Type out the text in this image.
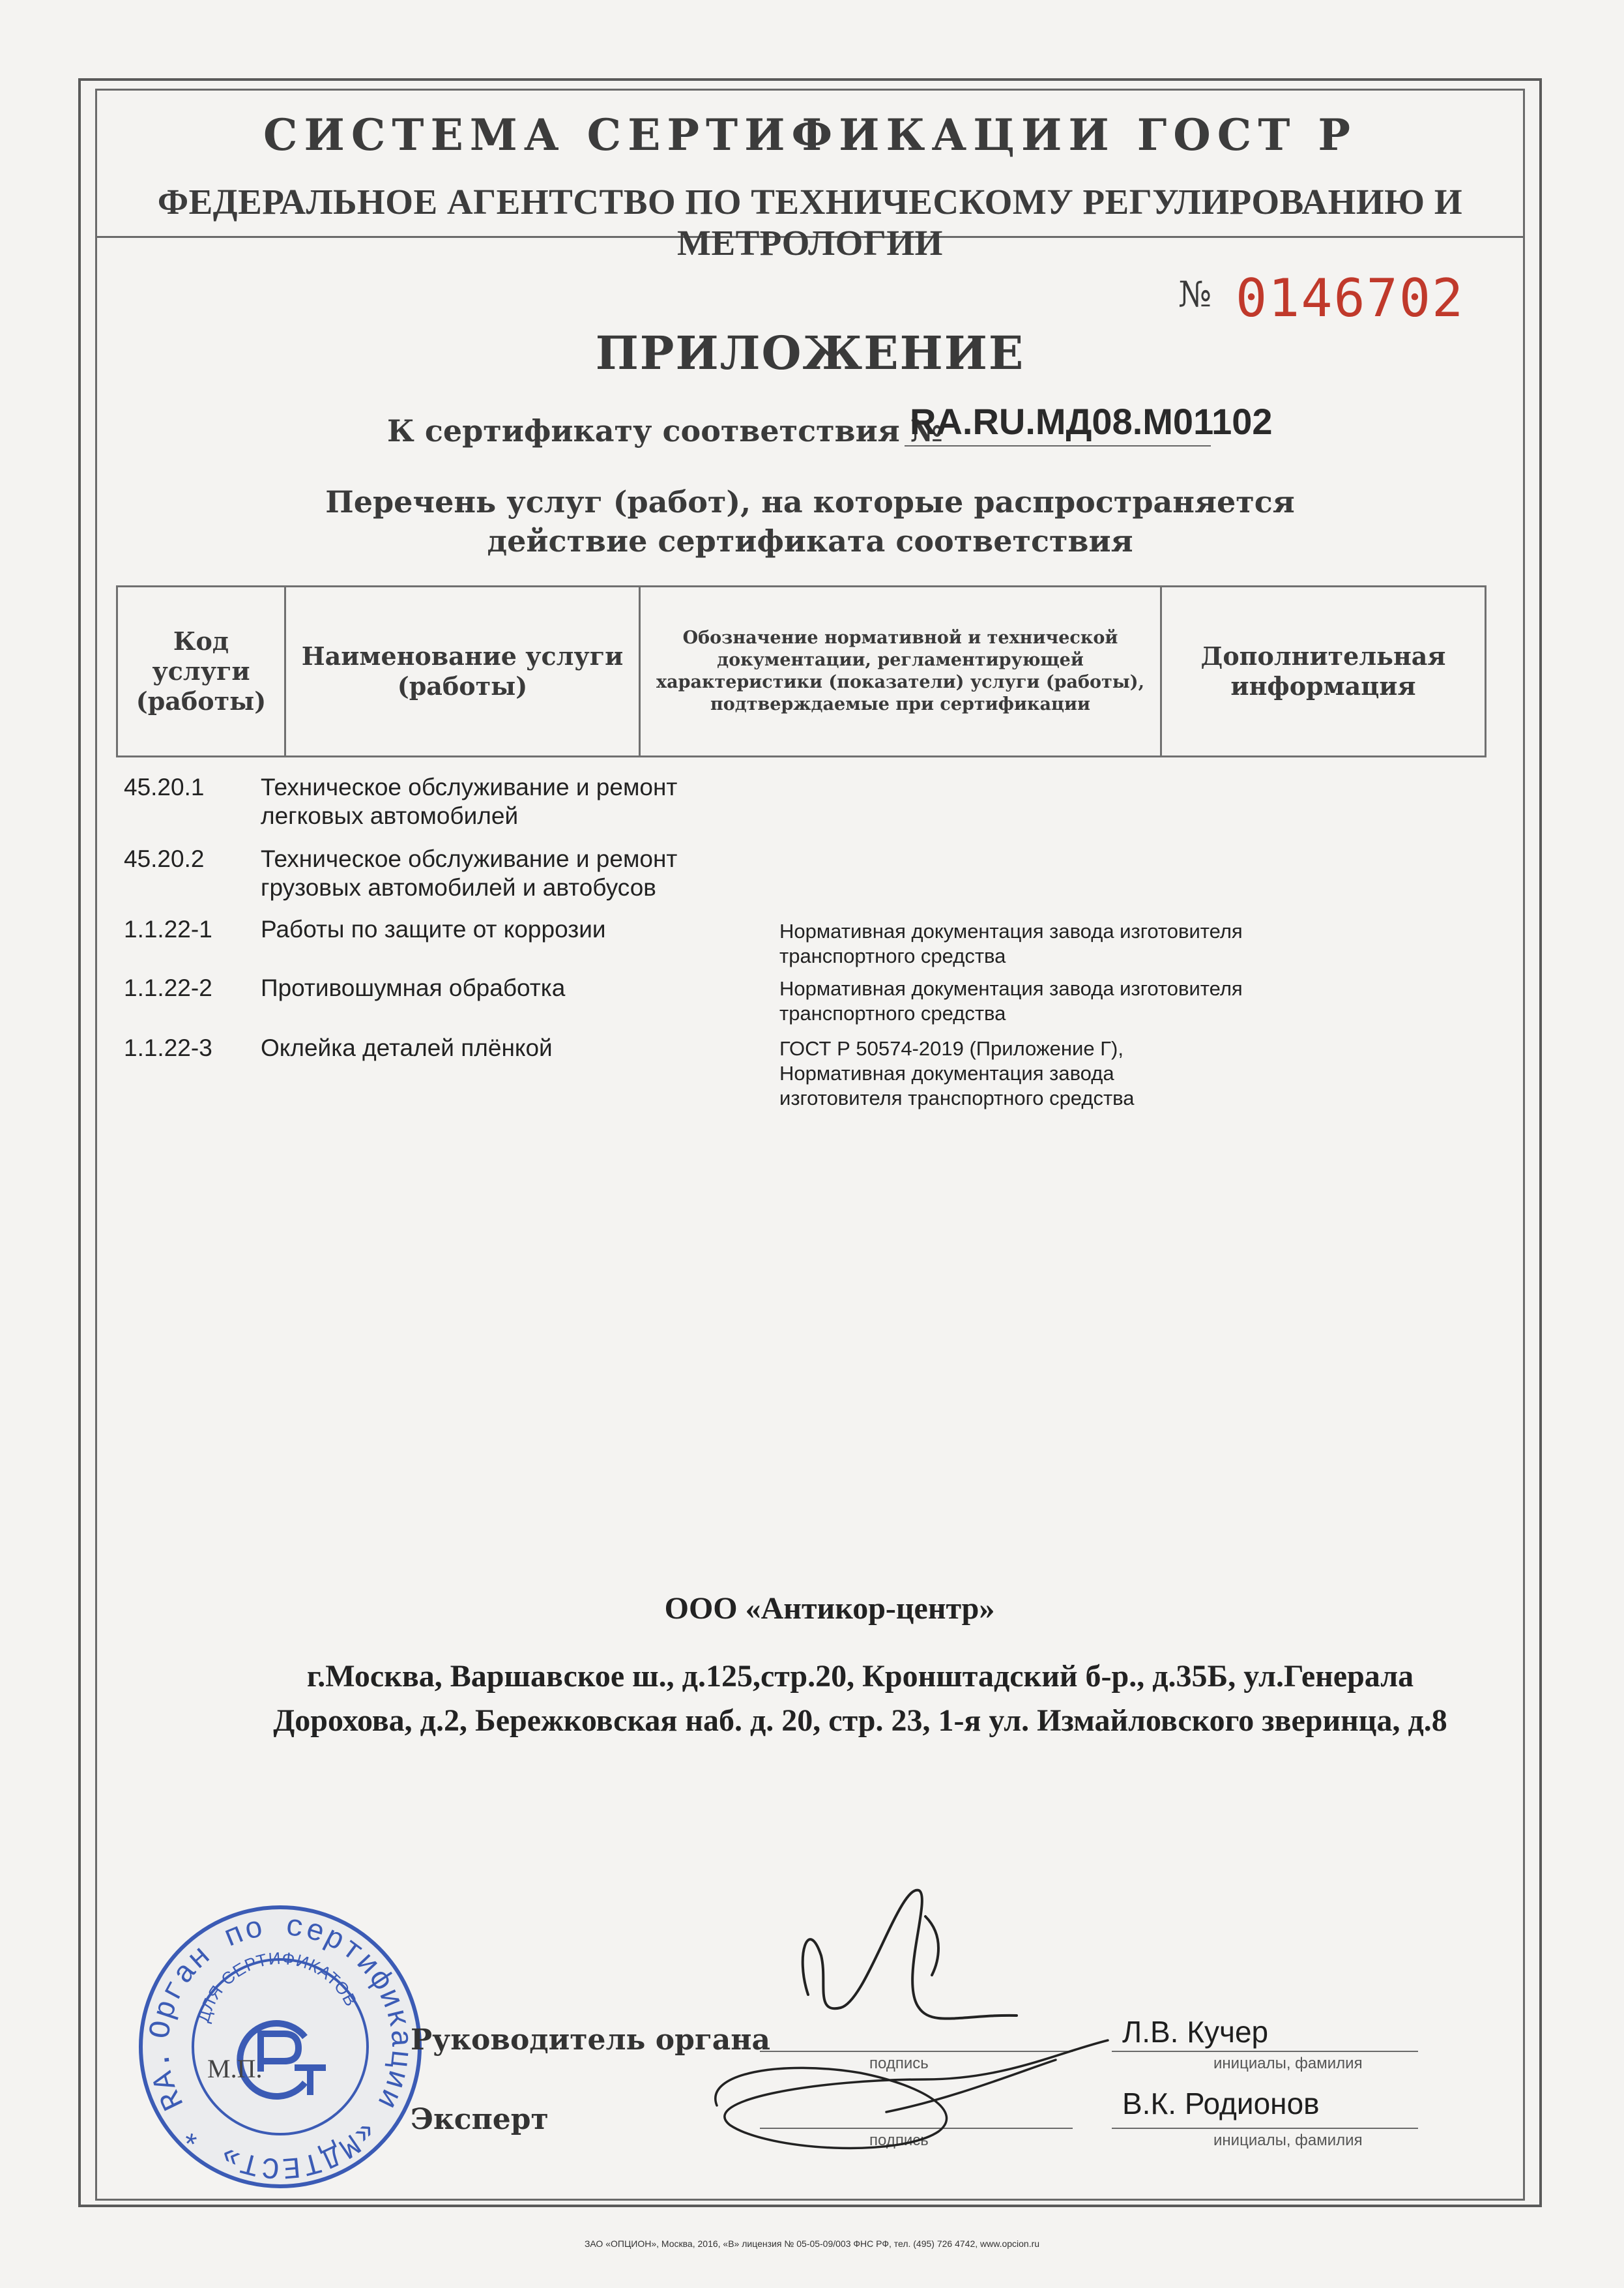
СИСТЕМА СЕРТИФИКАЦИИ ГОСТ Р
ФЕДЕРАЛЬНОЕ АГЕНТСТВО ПО ТЕХНИЧЕСКОМУ РЕГУЛИРОВАНИЮ И МЕТРОЛОГИИ
№ 0146702
ПРИЛОЖЕНИЕ
К сертификату соответствия №
RA.RU.МД08.М01102
Перечень услуг (работ), на которые распространяется
действие сертификата соответствия
Код услуги (работы)	Наименование услуги (работы)	Обозначение нормативной и технической документации, регламентирующей характеристики (показатели) услуги (работы), подтверждаемые при сертификации	Дополнительная информация
45.20.1	Техническое обслуживание и ремонт легковых автомобилей
45.20.2	Техническое обслуживание и ремонт грузовых автомобилей и автобусов
1.1.22-1	Работы по защите от коррозии	Нормативная документация завода изготовителя транспортного средства
1.1.22-2	Противошумная обработка	Нормативная документация завода изготовителя транспортного средства
1.1.22-3	Оклейка деталей плёнкой	ГОСТ Р 50574-2019 (Приложение Г), Нормативная документация завода изготовителя транспортного средства
ООО «Антикор-центр»
г.Москва, Варшавское ш., д.125,стр.20, Кронштадский б-р., д.35Б, ул.Генерала Дорохова, д.2, Бережковская наб. д. 20, стр. 23, 1-я ул. Измайловского зверинца, д.8
Орган по сертификации «МДТЕСТ» * RA.RU.12МД08 *
ДЛЯ СЕРТИФИКАТОВ
М.П.
Руководитель органа
подпись
Л.В. Кучер
инициалы, фамилия
Эксперт
подпись
В.К. Родионов
инициалы, фамилия
ЗАО «ОПЦИОН», Москва, 2016, «В» лицензия № 05-05-09/003 ФНС РФ, тел. (495) 726 4742, www.opcion.ru
